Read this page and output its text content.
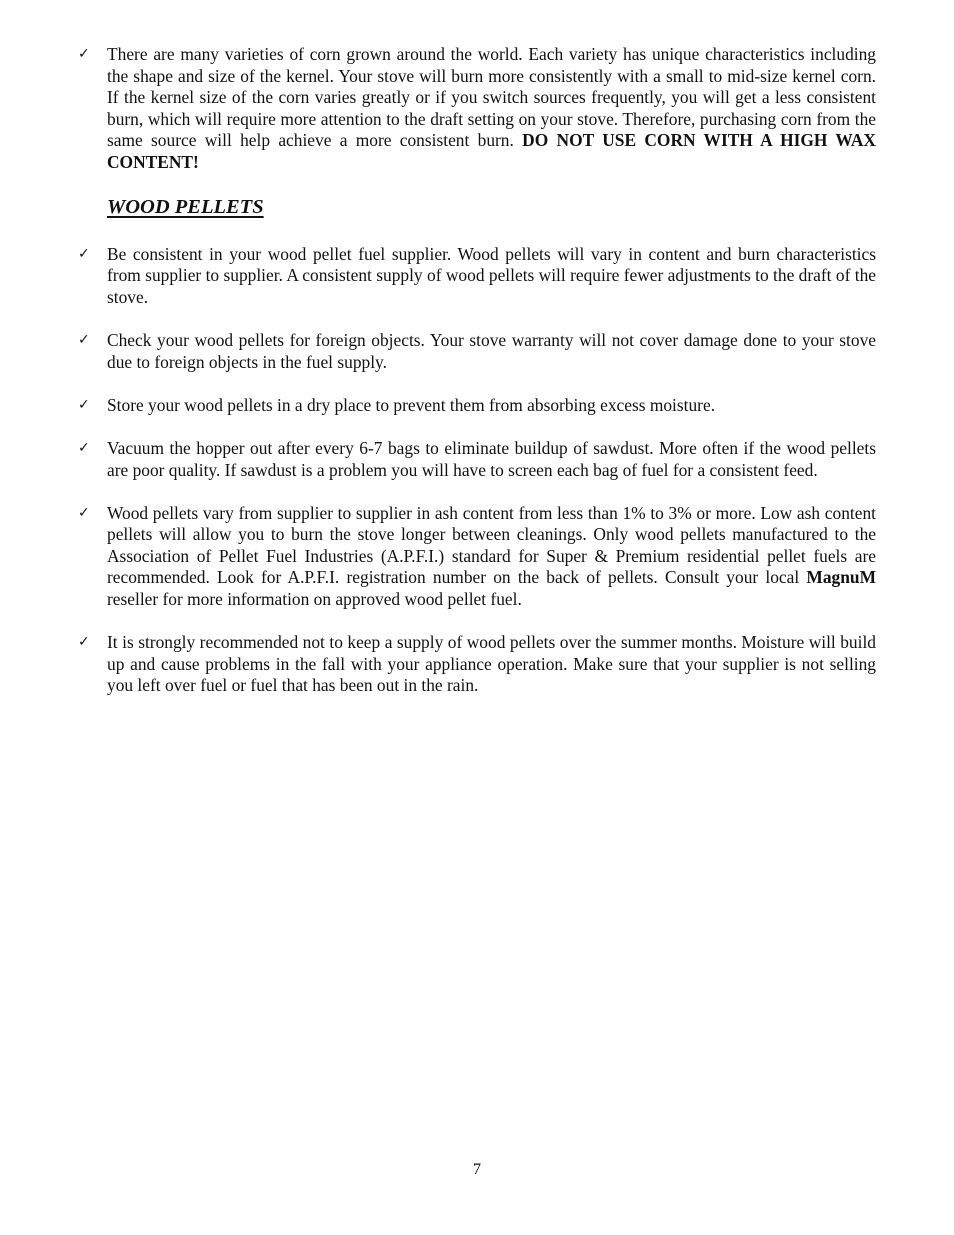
✓ There are many varieties of corn grown around the world. Each variety has unique characteristics including the shape and size of the kernel. Your stove will burn more consistently with a small to mid-size kernel corn. If the kernel size of the corn varies greatly or if you switch sources frequently, you will get a less consistent burn, which will require more attention to the draft setting on your stove. Therefore, purchasing corn from the same source will help achieve a more consistent burn. DO NOT USE CORN WITH A HIGH WAX CONTENT!

WOOD PELLETS

✓ Be consistent in your wood pellet fuel supplier. Wood pellets will vary in content and burn characteristics from supplier to supplier. A consistent supply of wood pellets will require fewer adjustments to the draft of the stove.

✓ Check your wood pellets for foreign objects. Your stove warranty will not cover damage done to your stove due to foreign objects in the fuel supply.

✓ Store your wood pellets in a dry place to prevent them from absorbing excess moisture.

✓ Vacuum the hopper out after every 6-7 bags to eliminate buildup of sawdust. More often if the wood pellets are poor quality. If sawdust is a problem you will have to screen each bag of fuel for a consistent feed.

✓ Wood pellets vary from supplier to supplier in ash content from less than 1% to 3% or more. Low ash content pellets will allow you to burn the stove longer between cleanings. Only wood pellets manufactured to the Association of Pellet Fuel Industries (A.P.F.I.) standard for Super & Premium residential pellet fuels are recommended. Look for A.P.F.I. registration number on the back of pellets. Consult your local MagnuM reseller for more information on approved wood pellet fuel.

✓ It is strongly recommended not to keep a supply of wood pellets over the summer months. Moisture will build up and cause problems in the fall with your appliance operation. Make sure that your supplier is not selling you left over fuel or fuel that has been out in the rain.

7
